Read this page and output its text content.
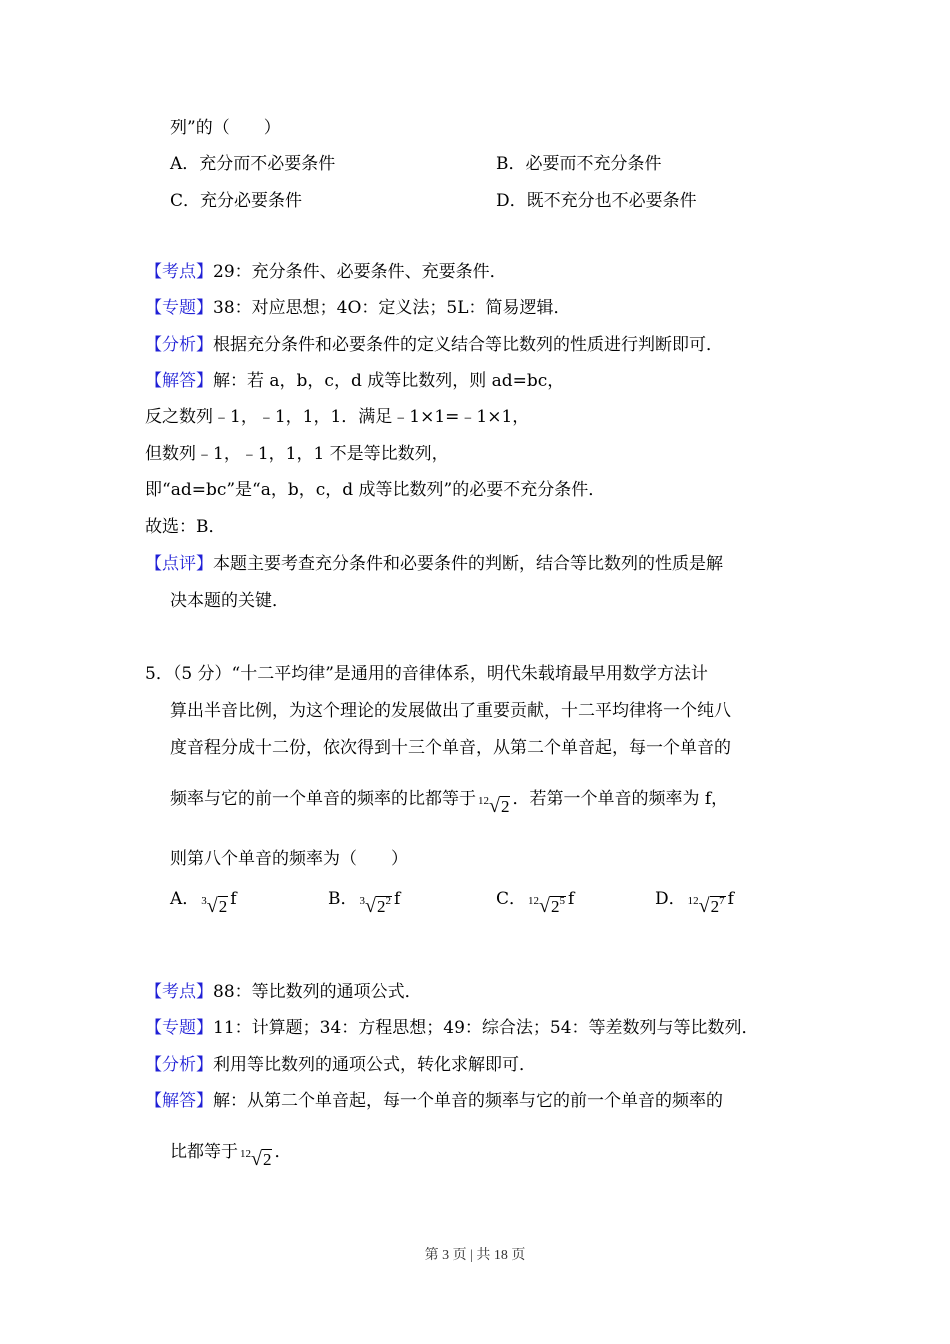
列”的（　　）
A．充分而不必要条件	B．必要而不充分条件
C．充分必要条件	D．既不充分也不必要条件
【考点】29：充分条件、必要条件、充要条件．
【专题】38：对应思想；4O：定义法；5L：简易逻辑．
【分析】根据充分条件和必要条件的定义结合等比数列的性质进行判断即可．
【解答】解：若 a，b，c，d 成等比数列，则 ad=bc，
反之数列﹣1，﹣1，1，1．满足﹣1×1=﹣1×1，
但数列﹣1，﹣1，1，1 不是等比数列，
即“ad=bc”是“a，b，c，d 成等比数列”的必要不充分条件．
故选：B．
【点评】本题主要考查充分条件和必要条件的判断，结合等比数列的性质是解
决本题的关键．
5．（5 分）“十二平均律”是通用的音律体系，明代朱载堉最早用数学方法计
算出半音比例，为这个理论的发展做出了重要贡献，十二平均律将一个纯八
度音程分成十二份，依次得到十三个单音，从第二个单音起，每一个单音的
频率与它的前一个单音的频率的比都等于 $^{12}$√2 ．若第一个单音的频率为 f，
则第八个单音的频率为（　　）
A． $^3$√2 f	B． $^3√2^2$ f	C． $^{12}√2^5$ f	D． $^{12}√2^7$ f
【考点】88：等比数列的通项公式．
【专题】11：计算题；34：方程思想；49：综合法；54：等差数列与等比数列．
【分析】利用等比数列的通项公式，转化求解即可．
【解答】解：从第二个单音起，每一个单音的频率与它的前一个单音的频率的
比都等于 $^{12}$√2 ．
第 3 页 | 共 18 页
